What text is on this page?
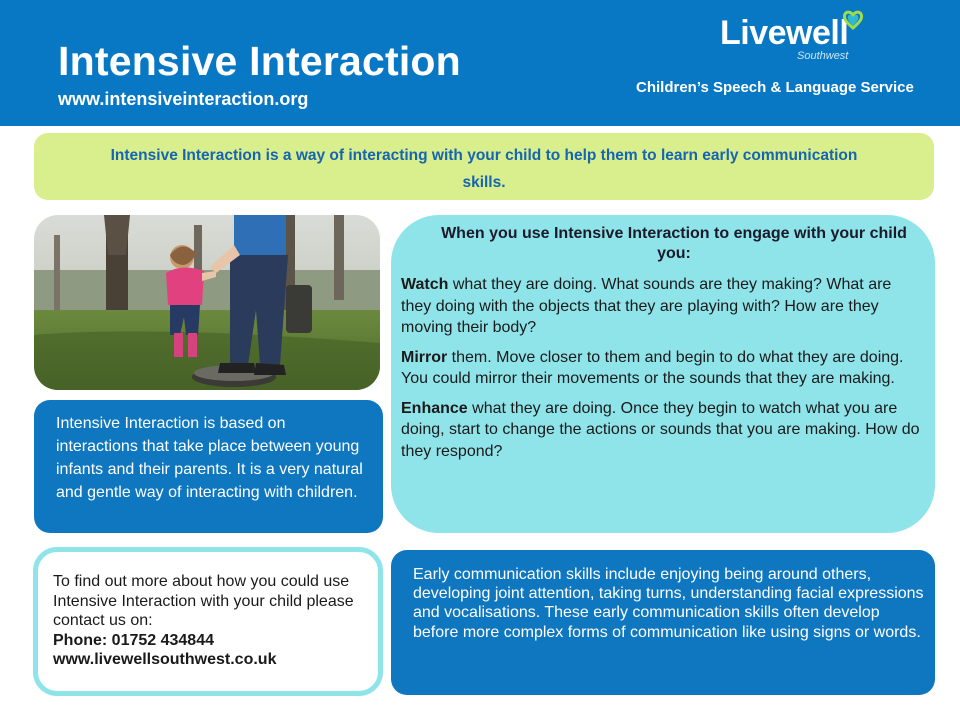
Intensive Interaction
www.intensiveinteraction.org
Livewell
Southwest
Children’s Speech & Language Service
Intensive Interaction is a way of interacting with your child to help them to learn early communication skills.
Intensive Interaction is based on interactions that take place between young infants and their parents. It is a very natural and gentle way of interacting with children.
When you use Intensive Interaction to engage with your child you:

Watch what they are doing. What sounds are they making? What are they doing with the objects that they are playing with? How are they moving their body?

Mirror them. Move closer to them and begin to do what they are doing. You could mirror their movements or the sounds that they are making.

Enhance what they are doing. Once they begin to watch what you are doing, start to change the actions or sounds that you are making. How do they respond?

To find out more about how you could use Intensive Interaction with your child please contact us on:
Phone: 01752 434844
www.livewellsouthwest.co.uk
Early communication skills include enjoying being around others, developing joint attention, taking turns, understanding facial expressions and vocalisations. These early communication skills often develop before more complex forms of communication like using signs or words.
